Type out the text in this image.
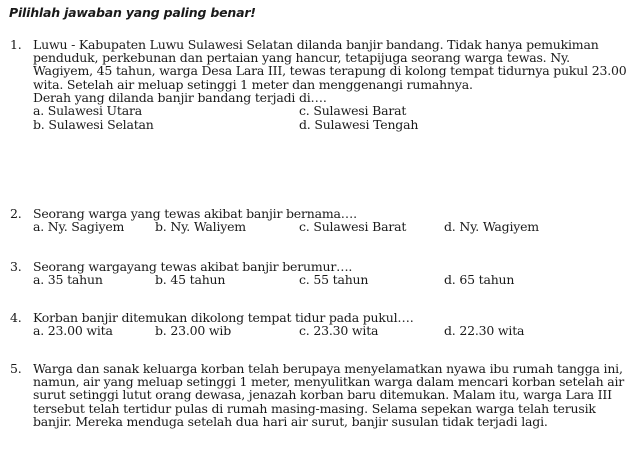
Pilihlah jawaban yang paling benar!
1. Luwu - Kabupaten Luwu Sulawesi Selatan dilanda banjir bandang. Tidak hanya pemukiman penduduk, perkebunan dan pertaian yang hancur, tetapijuga seorang warga tewas. Ny. Wagiyem, 45 tahun, warga Desa Lara III, tewas terapung di kolong tempat tidurnya pukul 23.00 wita. Setelah air meluap setinggi 1 meter dan menggenangi rumahnya.

Derah yang dilanda banjir bandang terjadi di….

a. Sulawesi Utara	c. Sulawesi Barat
b. Sulawesi Selatan	d. Sulawesi Tengah
2. Seorang warga yang tewas akibat banjir bernama….

a. Ny. Sagiyem b. Ny. Waliyem	c. Sulawesi Barat	d. Ny. Wagiyem
3. Seorang wargayang tewas akibat banjir berumur….

a. 35 tahun	b. 45 tahun	c. 55 tahun	d. 65 tahun
4. Korban banjir ditemukan dikolong tempat tidur pada pukul….

a. 23.00 wita	b. 23.00 wib	c. 23.30 wita	d. 22.30 wita
5. Warga dan sanak keluarga korban telah berupaya menyelamatkan nyawa ibu rumah tangga ini, namun, air yang meluap setinggi 1 meter, menyulitkan warga dalam mencari korban setelah air surut setinggi lutut orang dewasa, jenazah korban baru ditemukan. Malam itu, warga Lara III tersebut telah tertidur pulas di rumah masing-masing. Selama sepekan warga telah terusik banjir. Mereka menduga setelah dua hari air surut, banjir susulan tidak terjadi lagi.
